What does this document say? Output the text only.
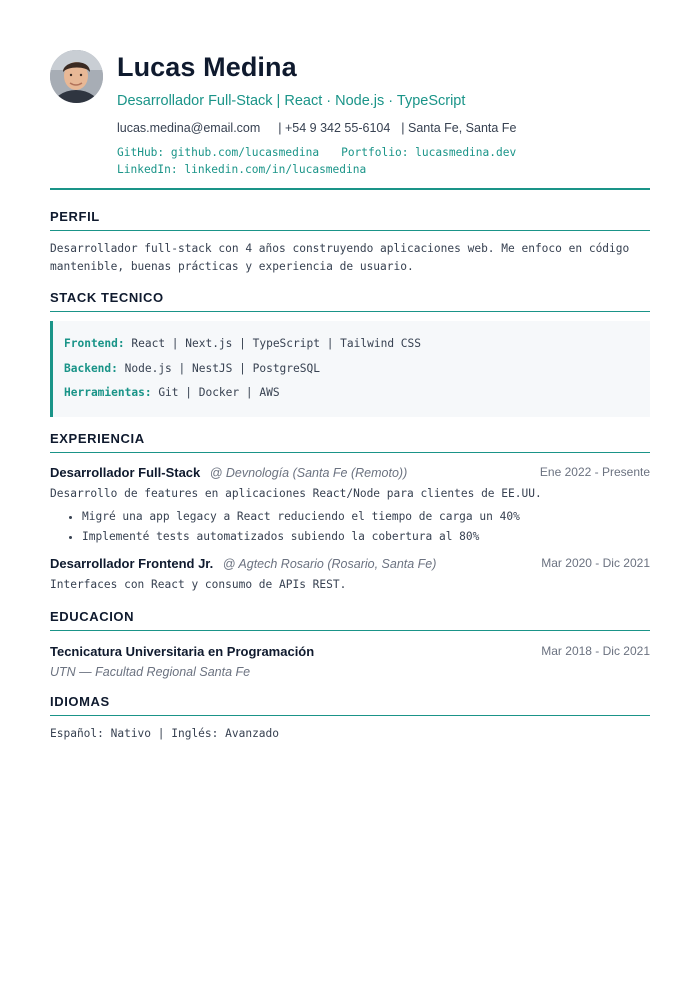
Lucas Medina
Desarrollador Full-Stack | React · Node.js · TypeScript
lucas.medina@email.com | +54 9 342 55-6104 | Santa Fe, Santa Fe
GitHub: github.com/lucasmedina Portfolio: lucasmedina.dev
LinkedIn: linkedin.com/in/lucasmedina
PERFIL
Desarrollador full-stack con 4 años construyendo aplicaciones web. Me enfoco en código mantenible, buenas prácticas y experiencia de usuario.
STACK TECNICO
Frontend: React | Next.js | TypeScript | Tailwind CSS
Backend: Node.js | NestJS | PostgreSQL
Herramientas: Git | Docker | AWS
EXPERIENCIA
Desarrollador Full-Stack @ Devnología (Santa Fe (Remoto))	Ene 2022 - Presente
Desarrollo de features en aplicaciones React/Node para clientes de EE.UU.
• Migré una app legacy a React reduciendo el tiempo de carga un 40%
• Implementé tests automatizados subiendo la cobertura al 80%
Desarrollador Frontend Jr. @ Agtech Rosario (Rosario, Santa Fe)	Mar 2020 - Dic 2021
Interfaces con React y consumo de APIs REST.
EDUCACION
Tecnicatura Universitaria en Programación	Mar 2018 - Dic 2021
UTN — Facultad Regional Santa Fe
IDIOMAS
Español: Nativo | Inglés: Avanzado
